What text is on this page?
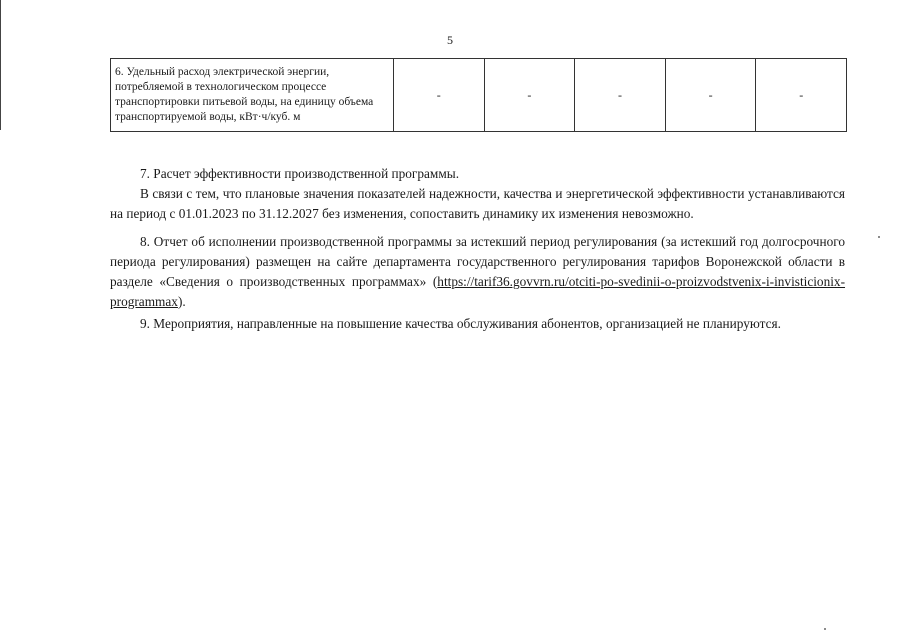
5
6. Удельный расход электрической энергии, потребляемой в технологическом процессе транспортировки питьевой воды, на единицу объема транспортируемой воды, кВт·ч/куб. м	-	-	-	-	-

7. Расчет эффективности производственной программы.
В связи с тем, что плановые значения показателей надежности, качества и энергетической эффективности устанавливаются на период с 01.01.2023 по 31.12.2027 без изменения, сопоставить динамику их изменения невозможно.

8. Отчет об исполнении производственной программы за истекший период регулирования (за истекший год долгосрочного периода регулирования) размещен на сайте департамента государственного регулирования тарифов Воронежской области в разделе «Сведения о производственных программах» (https://tarif36.govvrn.ru/otciti-po-svedinii-o-proizvodstvenix-i-invisticionix-programmax).

9. Мероприятия, направленные на повышение качества обслуживания абонентов, организацией не планируются.
